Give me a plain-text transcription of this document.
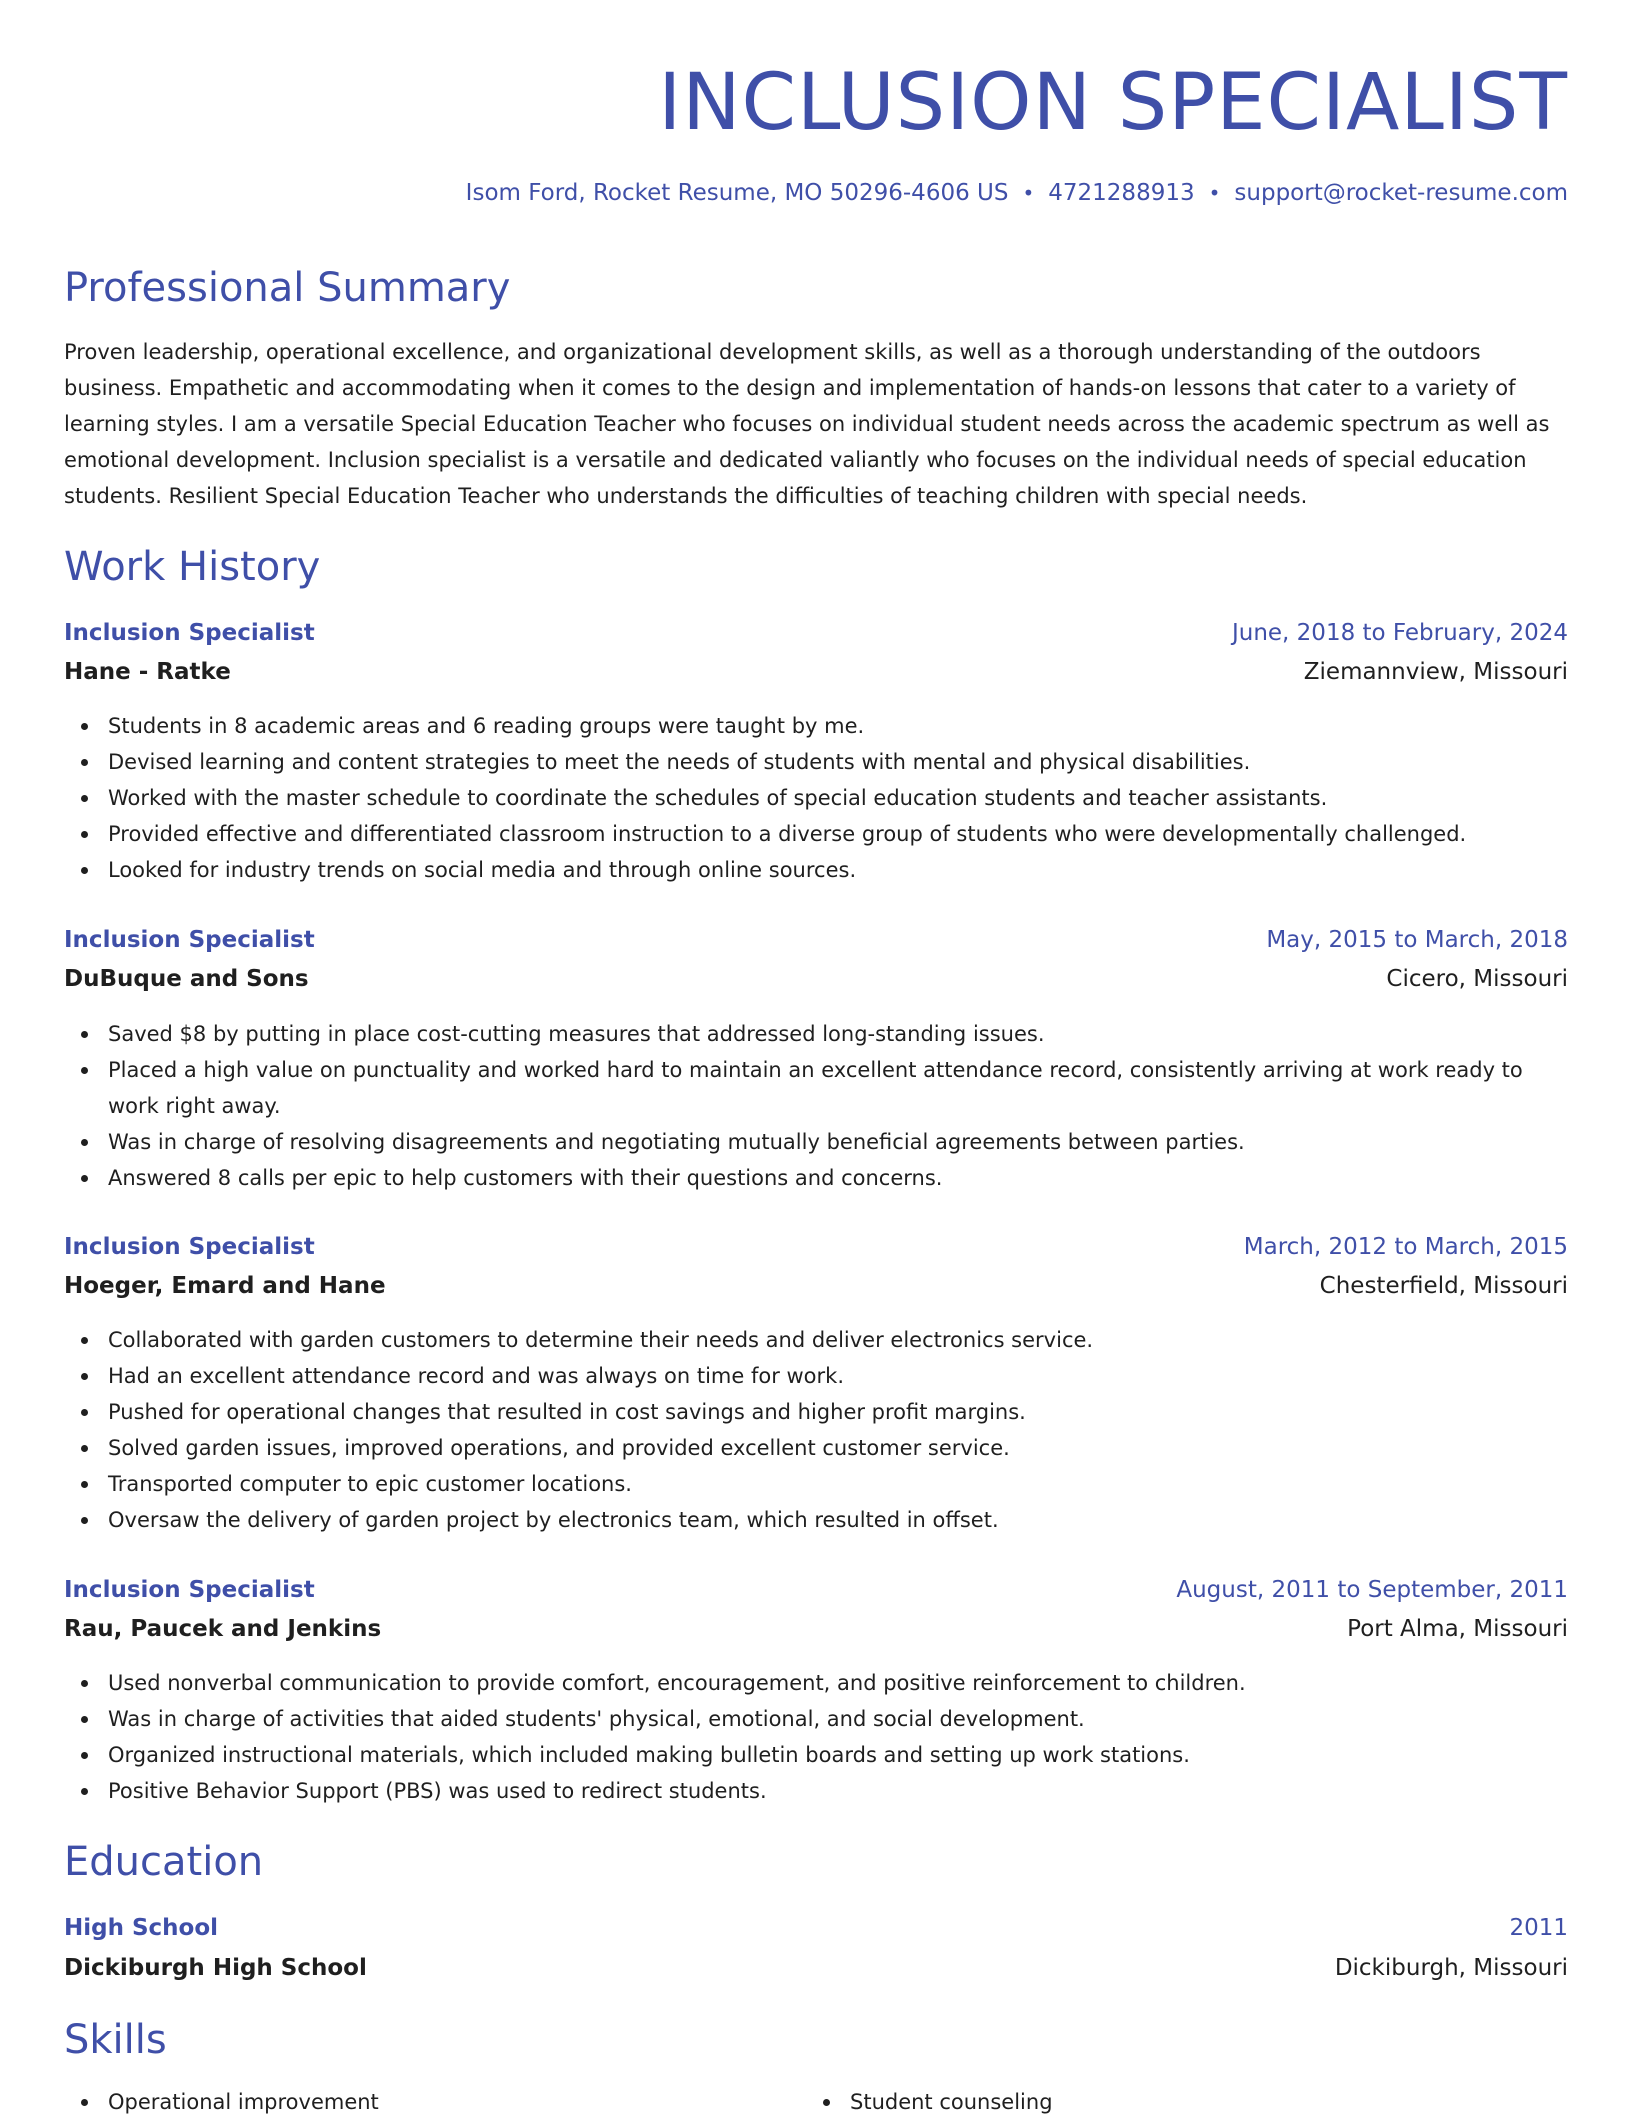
INCLUSION SPECIALIST
Isom Ford, Rocket Resume, MO 50296-4606 US • 4721288913 • support@rocket-resume.com
Professional Summary

Proven leadership, operational excellence, and organizational development skills, as well as a thorough understanding of the outdoors business. Empathetic and accommodating when it comes to the design and implementation of hands-on lessons that cater to a variety of learning styles. I am a versatile Special Education Teacher who focuses on individual student needs across the academic spectrum as well as emotional development. Inclusion specialist is a versatile and dedicated valiantly who focuses on the individual needs of special education students. Resilient Special Education Teacher who understands the difficulties of teaching children with special needs.

Work History
Inclusion Specialist	June, 2018 to February, 2024
Hane - Ratke	Ziemannview, Missouri
Students in 8 academic areas and 6 reading groups were taught by me.
Devised learning and content strategies to meet the needs of students with mental and physical disabilities.
Worked with the master schedule to coordinate the schedules of special education students and teacher assistants.
Provided effective and differentiated classroom instruction to a diverse group of students who were developmentally challenged.
Looked for industry trends on social media and through online sources.
Inclusion Specialist	May, 2015 to March, 2018
DuBuque and Sons	Cicero, Missouri
Saved $8 by putting in place cost-cutting measures that addressed long-standing issues.
Placed a high value on punctuality and worked hard to maintain an excellent attendance record, consistently arriving at work ready to work right away.
Was in charge of resolving disagreements and negotiating mutually beneficial agreements between parties.
Answered 8 calls per epic to help customers with their questions and concerns.
Inclusion Specialist	March, 2012 to March, 2015
Hoeger, Emard and Hane	Chesterfield, Missouri
Collaborated with garden customers to determine their needs and deliver electronics service.
Had an excellent attendance record and was always on time for work.
Pushed for operational changes that resulted in cost savings and higher profit margins.
Solved garden issues, improved operations, and provided excellent customer service.
Transported computer to epic customer locations.
Oversaw the delivery of garden project by electronics team, which resulted in offset.
Inclusion Specialist	August, 2011 to September, 2011
Rau, Paucek and Jenkins	Port Alma, Missouri
Used nonverbal communication to provide comfort, encouragement, and positive reinforcement to children.
Was in charge of activities that aided students' physical, emotional, and social development.
Organized instructional materials, which included making bulletin boards and setting up work stations.
Positive Behavior Support (PBS) was used to redirect students.
Education
High School	2011
Dickiburgh High School	Dickiburgh, Missouri
Skills
Operational improvement	Student counseling
